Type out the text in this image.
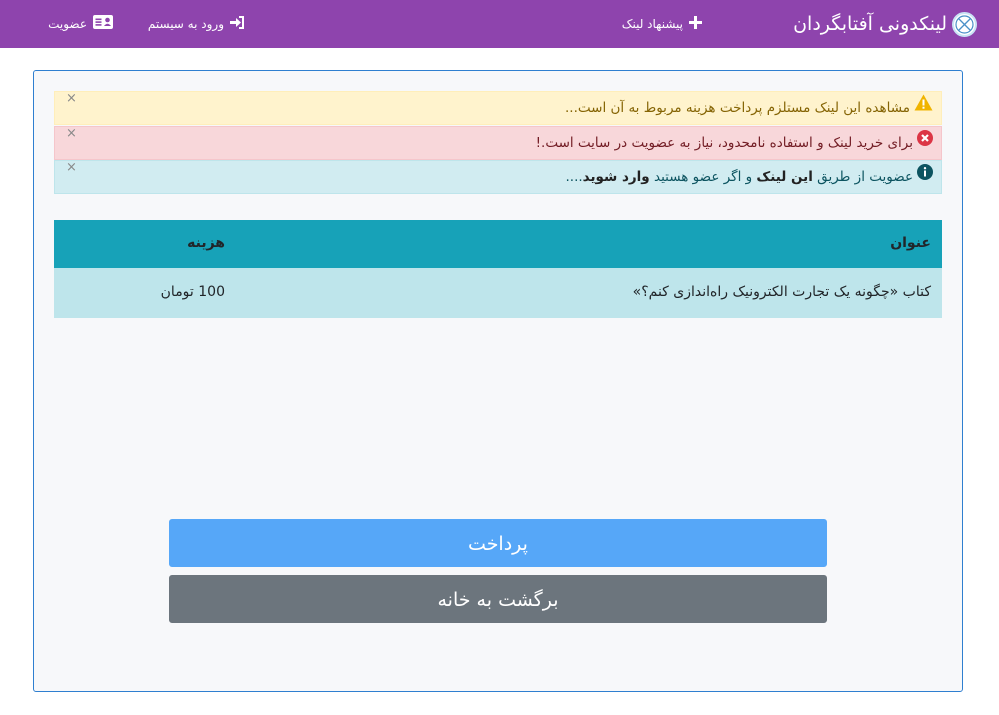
لینکدونی آفتابگردان
پیشنهاد لینک
ورود به سیستم
عضویت
مشاهده این لینک مستلزم پرداخت هزینه مربوط به آن است...
×
برای خرید لینک و استفاده نامحدود، نیاز به عضویت در سایت است.!
×
عضویت از طریق این لینک و اگر عضو هستید وارد شوید....
×
عنوان
هزینه
کتاب «چگونه یک تجارت الکترونیک راه‌اندازی کنم؟»
100 تومان
پرداخت
برگشت به خانه
